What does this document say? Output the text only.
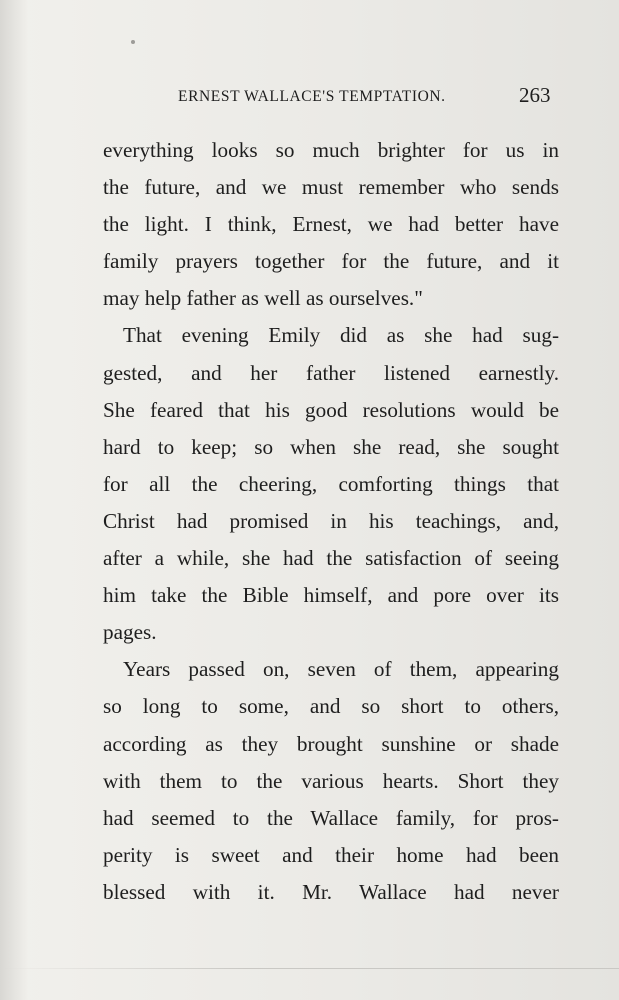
ERNEST WALLACE'S TEMPTATION.	263
everything looks so much brighter for us in
the future, and we must remember who sends
the light. I think, Ernest, we had better have
family prayers together for the future, and it
may help father as well as ourselves."
That evening Emily did as she had sug-
gested, and her father listened earnestly.
She feared that his good resolutions would be
hard to keep; so when she read, she sought
for all the cheering, comforting things that
Christ had promised in his teachings, and,
after a while, she had the satisfaction of seeing
him take the Bible himself, and pore over its
pages.
Years passed on, seven of them, appearing
so long to some, and so short to others,
according as they brought sunshine or shade
with them to the various hearts. Short they
had seemed to the Wallace family, for pros-
perity is sweet and their home had been
blessed with it. Mr. Wallace had never
